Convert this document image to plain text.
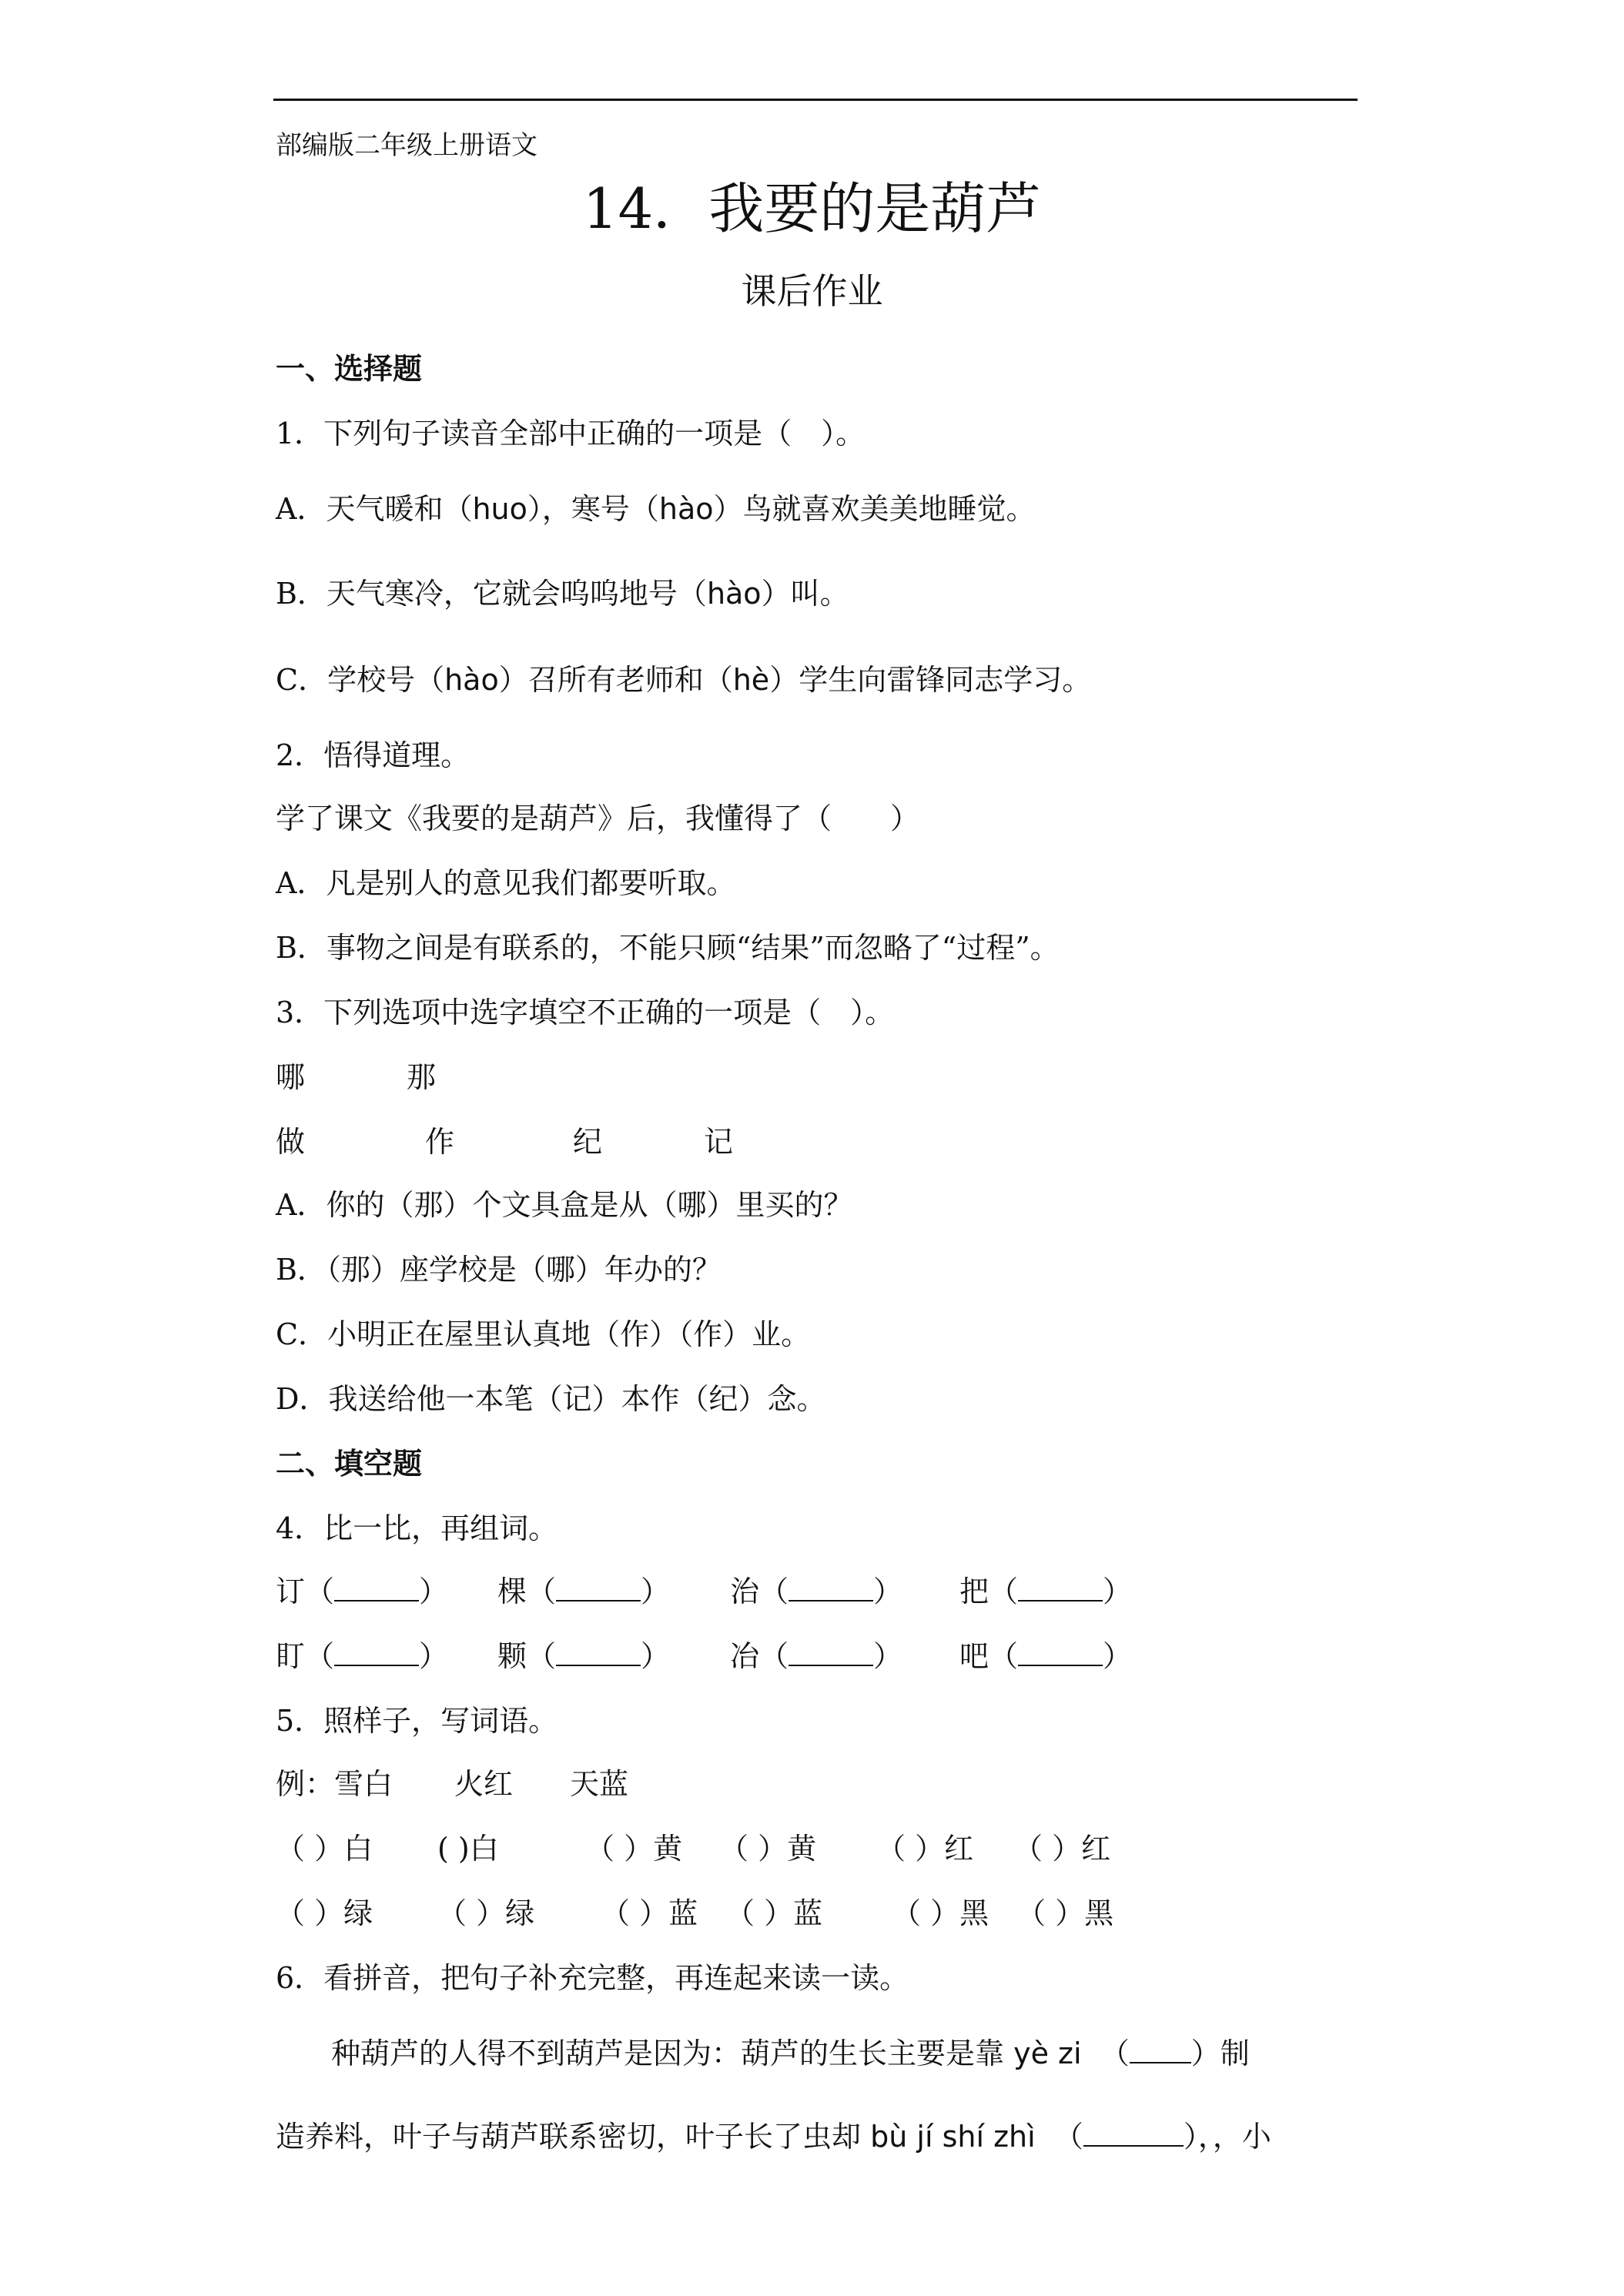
部编版二年级上册语文
14．我要的是葫芦
课后作业
一、选择题
1．下列句子读音全部中正确的一项是（　）。
A．天气暖和（huo），寒号（hào）鸟就喜欢美美地睡觉。
B．天气寒冷，它就会呜呜地号（hào）叫。
C．学校号（hào）召所有老师和（hè）学生向雷锋同志学习。
2．悟得道理。
学了课文《我要的是葫芦》后，我懂得了（　　）
A．凡是别人的意见我们都要听取。
B．事物之间是有联系的，不能只顾“结果”而忽略了“过程”。
3．下列选项中选字填空不正确的一项是（　）。
哪	那
做	作	纪	记
A．你的（那）个文具盒是从（哪）里买的？
B．（那）座学校是（哪）年办的？
C．小明正在屋里认真地（作）（作）业。
D．我送给他一本笔（记）本作（纪）念。
二、填空题
4．比一比，再组词。
订（	） 棵（	） 治（	） 把（	）
盯（	） 颗（	） 冶（	） 吧（	）
5．照样子，写词语。
例：雪白 火红 天蓝
（ ）白 ( )白	（ ）黄 （ ）黄 （ ）红 （ ）红
（ ）绿 （ ）绿 （ ）蓝 （ ）蓝 （ ）黑 （ ）黑
6．看拼音，把句子补充完整，再连起来读一读。
种葫芦的人得不到葫芦是因为：葫芦的生长主要是靠 yè zi  （ ）制
造养料，叶子与葫芦联系密切，叶子长了虫却 bù jí shí zhì  （	），，小
